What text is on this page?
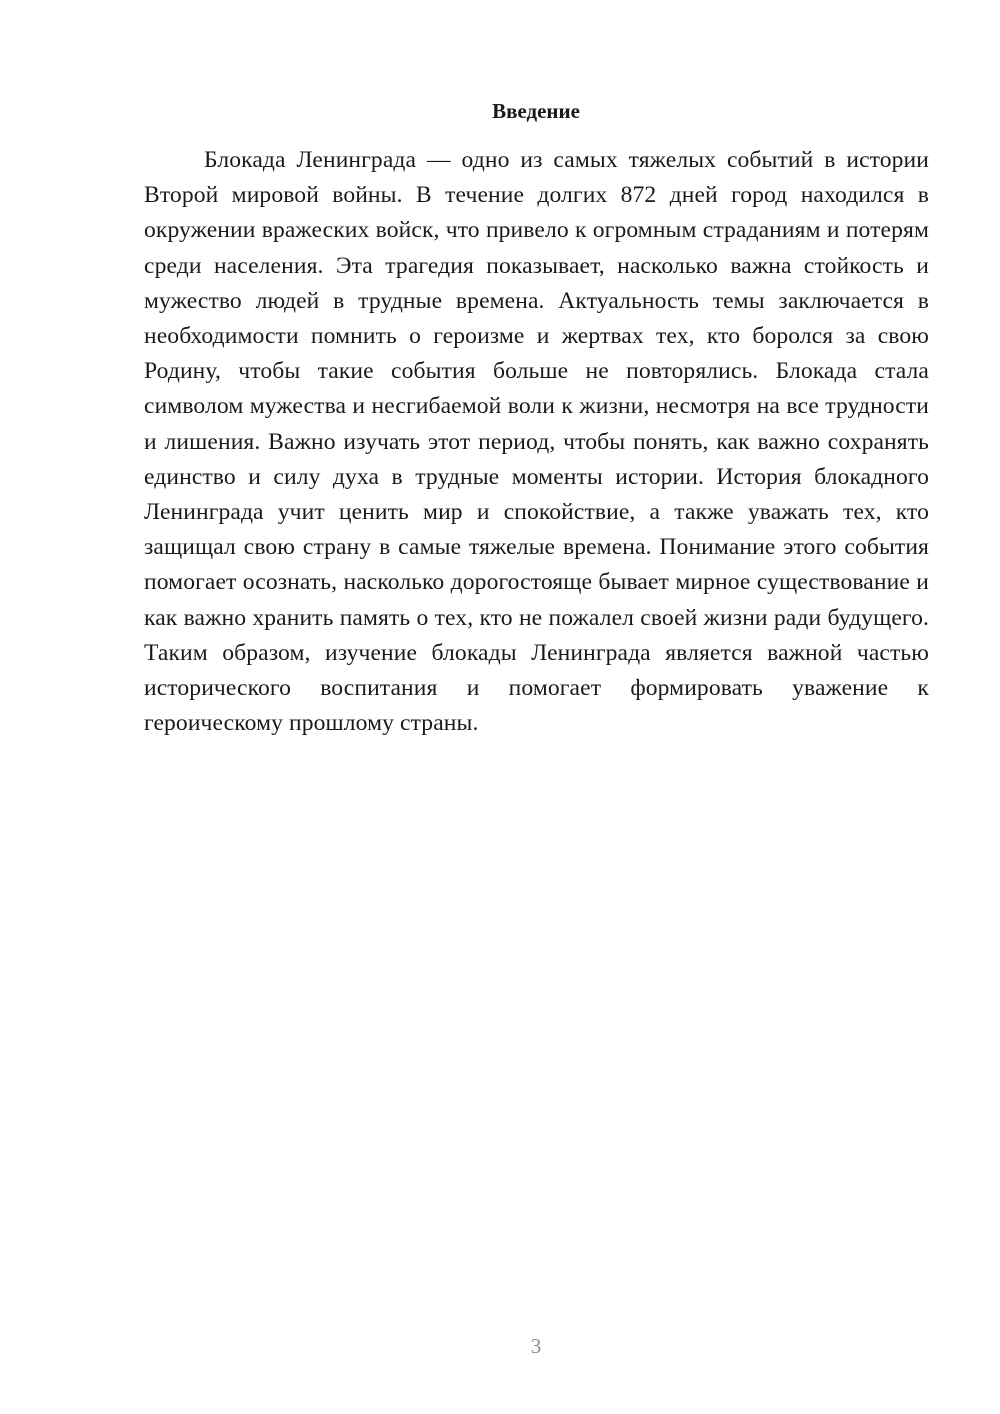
Введение

Блокада Ленинграда — одно из самых тяжелых событий в истории Второй мировой войны. В течение долгих 872 дней город находился в окружении вражеских войск, что привело к огромным страданиям и потерям среди населения. Эта трагедия показывает, насколько важна стойкость и мужество людей в трудные времена. Актуальность темы заключается в необходимости помнить о героизме и жертвах тех, кто боролся за свою Родину, чтобы такие события больше не повторялись. Блокада стала символом мужества и несгибаемой воли к жизни, несмотря на все трудности и лишения. Важно изучать этот период, чтобы понять, как важно сохранять единство и силу духа в трудные моменты истории. История блокадного Ленинграда учит ценить мир и спокойствие, а также уважать тех, кто защищал свою страну в самые тяжелые времена. Понимание этого события помогает осознать, насколько дорогостояще бывает мирное существование и как важно хранить память о тех, кто не пожалел своей жизни ради будущего. Таким образом, изучение блокады Ленинграда является важной частью исторического воспитания и помогает формировать уважение к героическому прошлому страны.

3
